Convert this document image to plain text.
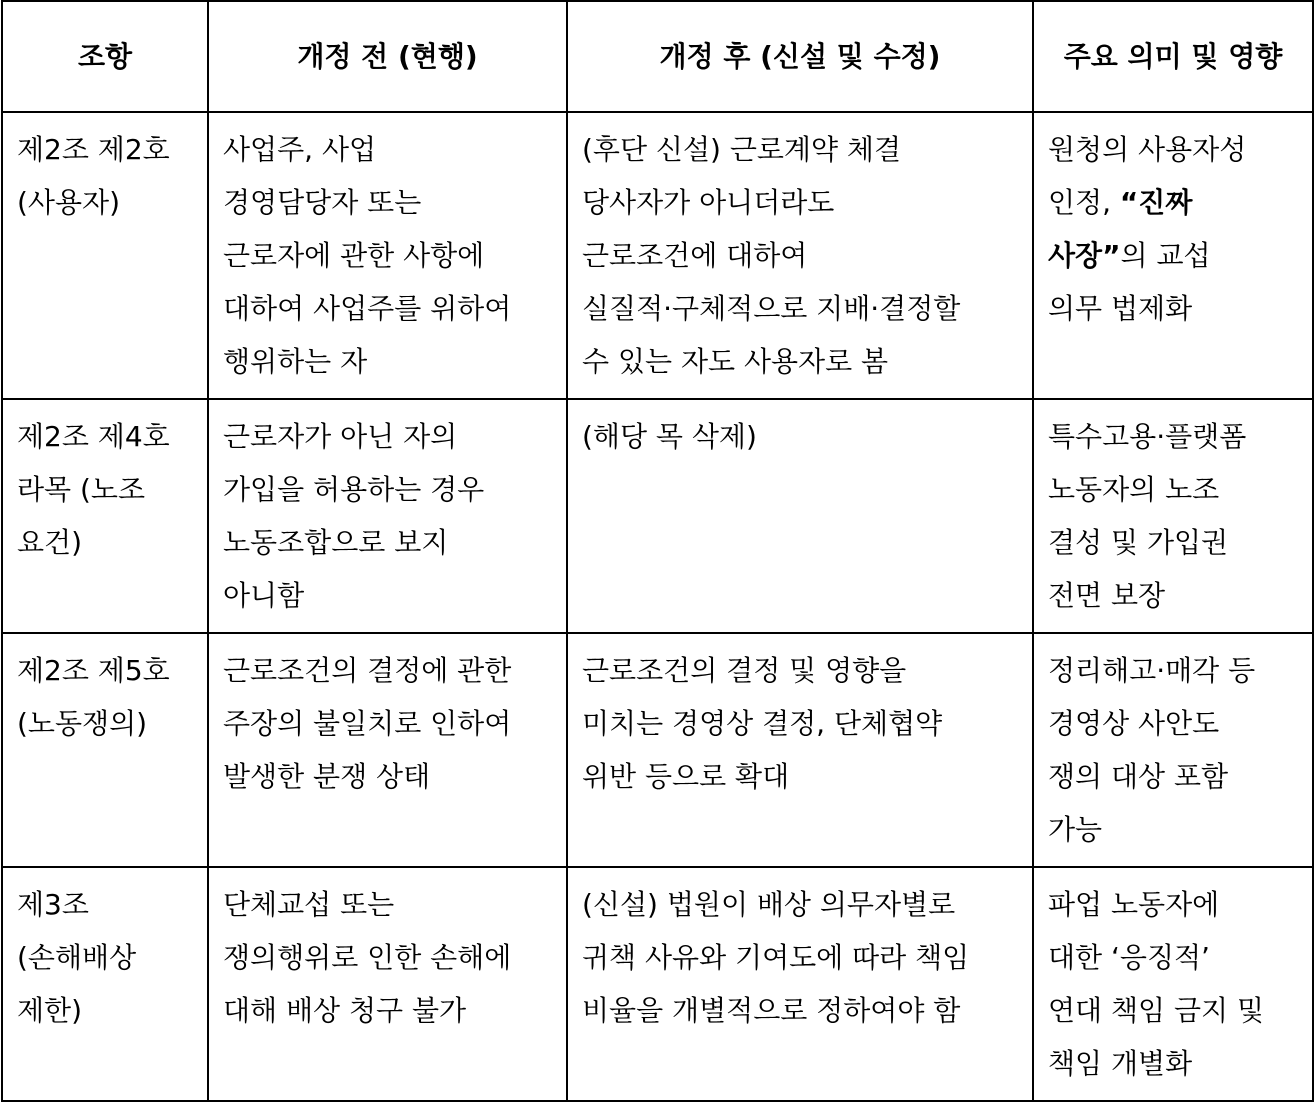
조항	개정 전 (현행)	개정 후 (신설 및 수정)	주요 의미 및 영향

제2조 제2호
(사용자)	사업주, 사업
경영담당자 또는
근로자에 관한 사항에
대하여 사업주를 위하여
행위하는 자	(후단 신설) 근로계약 체결
당사자가 아니더라도
근로조건에 대하여
실질적·구체적으로 지배·결정할
수 있는 자도 사용자로 봄	원청의 사용자성
인정, “진짜
사장”의 교섭
의무 법제화

제2조 제4호
라목 (노조
요건)	근로자가 아닌 자의
가입을 허용하는 경우
노동조합으로 보지
아니함	(해당 목 삭제)	특수고용·플랫폼
노동자의 노조
결성 및 가입권
전면 보장

제2조 제5호
(노동쟁의)	근로조건의 결정에 관한
주장의 불일치로 인하여
발생한 분쟁 상태	근로조건의 결정 및 영향을
미치는 경영상 결정, 단체협약
위반 등으로 확대	정리해고·매각 등
경영상 사안도
쟁의 대상 포함
가능

제3조
(손해배상
제한)	단체교섭 또는
쟁의행위로 인한 손해에
대해 배상 청구 불가	(신설) 법원이 배상 의무자별로
귀책 사유와 기여도에 따라 책임
비율을 개별적으로 정하여야 함	파업 노동자에
대한 ‘응징적’
연대 책임 금지 및
책임 개별화
